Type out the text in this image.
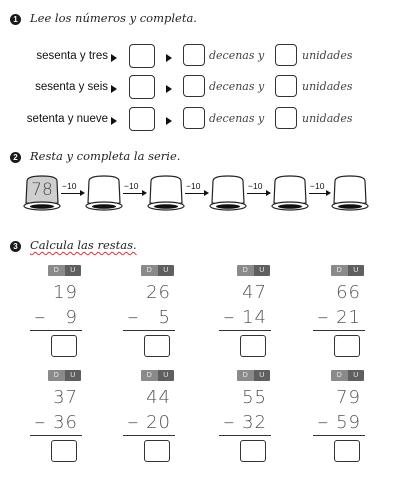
1 Lee los números y completa.
sesenta y tres	decenas y	unidades
sesenta y seis	decenas y	unidades
setenta y nueve	decenas y	unidades
2 Resta y completa la serie.
78	−10	−10	−10	−10	−10
3 Calcula las restas.
D	U
19
−	9
D	U
26
−	5
D	U
47
− 14
D	U
66
− 21
D	U
37
− 36
D	U
44
− 20
D	U
55
− 32
D	U
79
− 59
